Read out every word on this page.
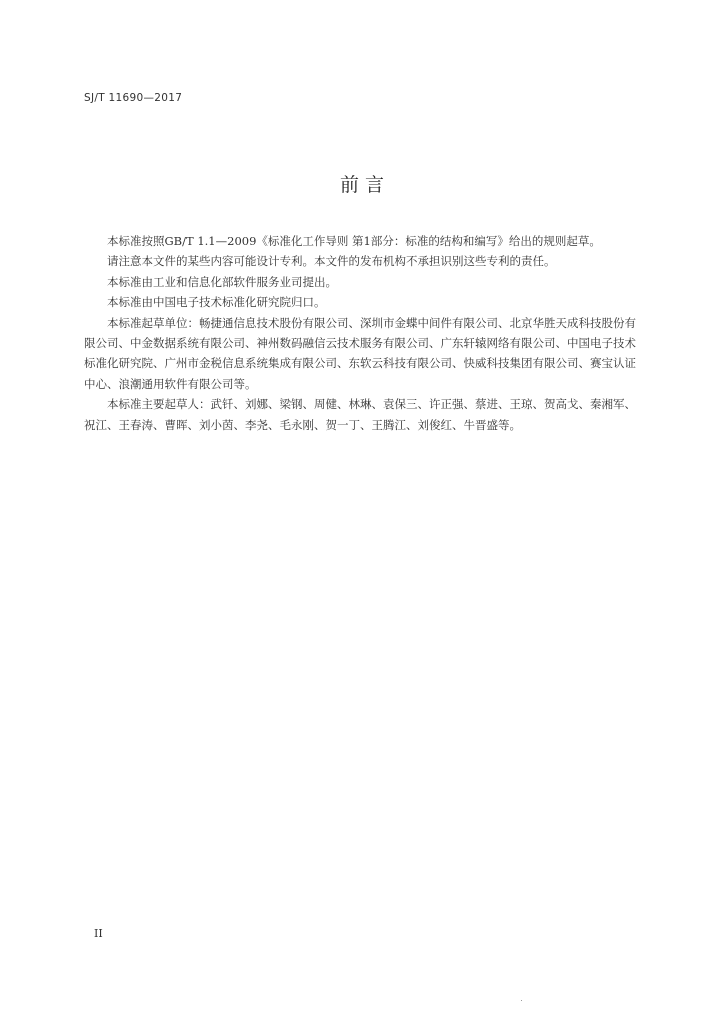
SJ/T 11690—2017
前 言

本标准按照GB/T 1.1—2009《标准化工作导则 第1部分：标准的结构和编写》给出的规则起草。

请注意本文件的某些内容可能设计专利。本文件的发布机构不承担识别这些专利的责任。

本标准由工业和信息化部软件服务业司提出。

本标准由中国电子技术标准化研究院归口。

本标准起草单位：畅捷通信息技术股份有限公司、深圳市金蝶中间件有限公司、北京华胜天成科技股份有限公司、中金数据系统有限公司、神州数码融信云技术服务有限公司、广东轩辕网络有限公司、中国电子技术标准化研究院、广州市金税信息系统集成有限公司、东软云科技有限公司、快威科技集团有限公司、赛宝认证中心、浪潮通用软件有限公司等。

本标准主要起草人：武钎、刘娜、梁钢、周健、林琳、袁保三、许正强、蔡进、王琼、贺高戈、秦湘军、祝江、王春涛、曹晖、刘小茵、李尧、毛永刚、贺一丁、王腾江、刘俊红、牛晋盛等。

II
